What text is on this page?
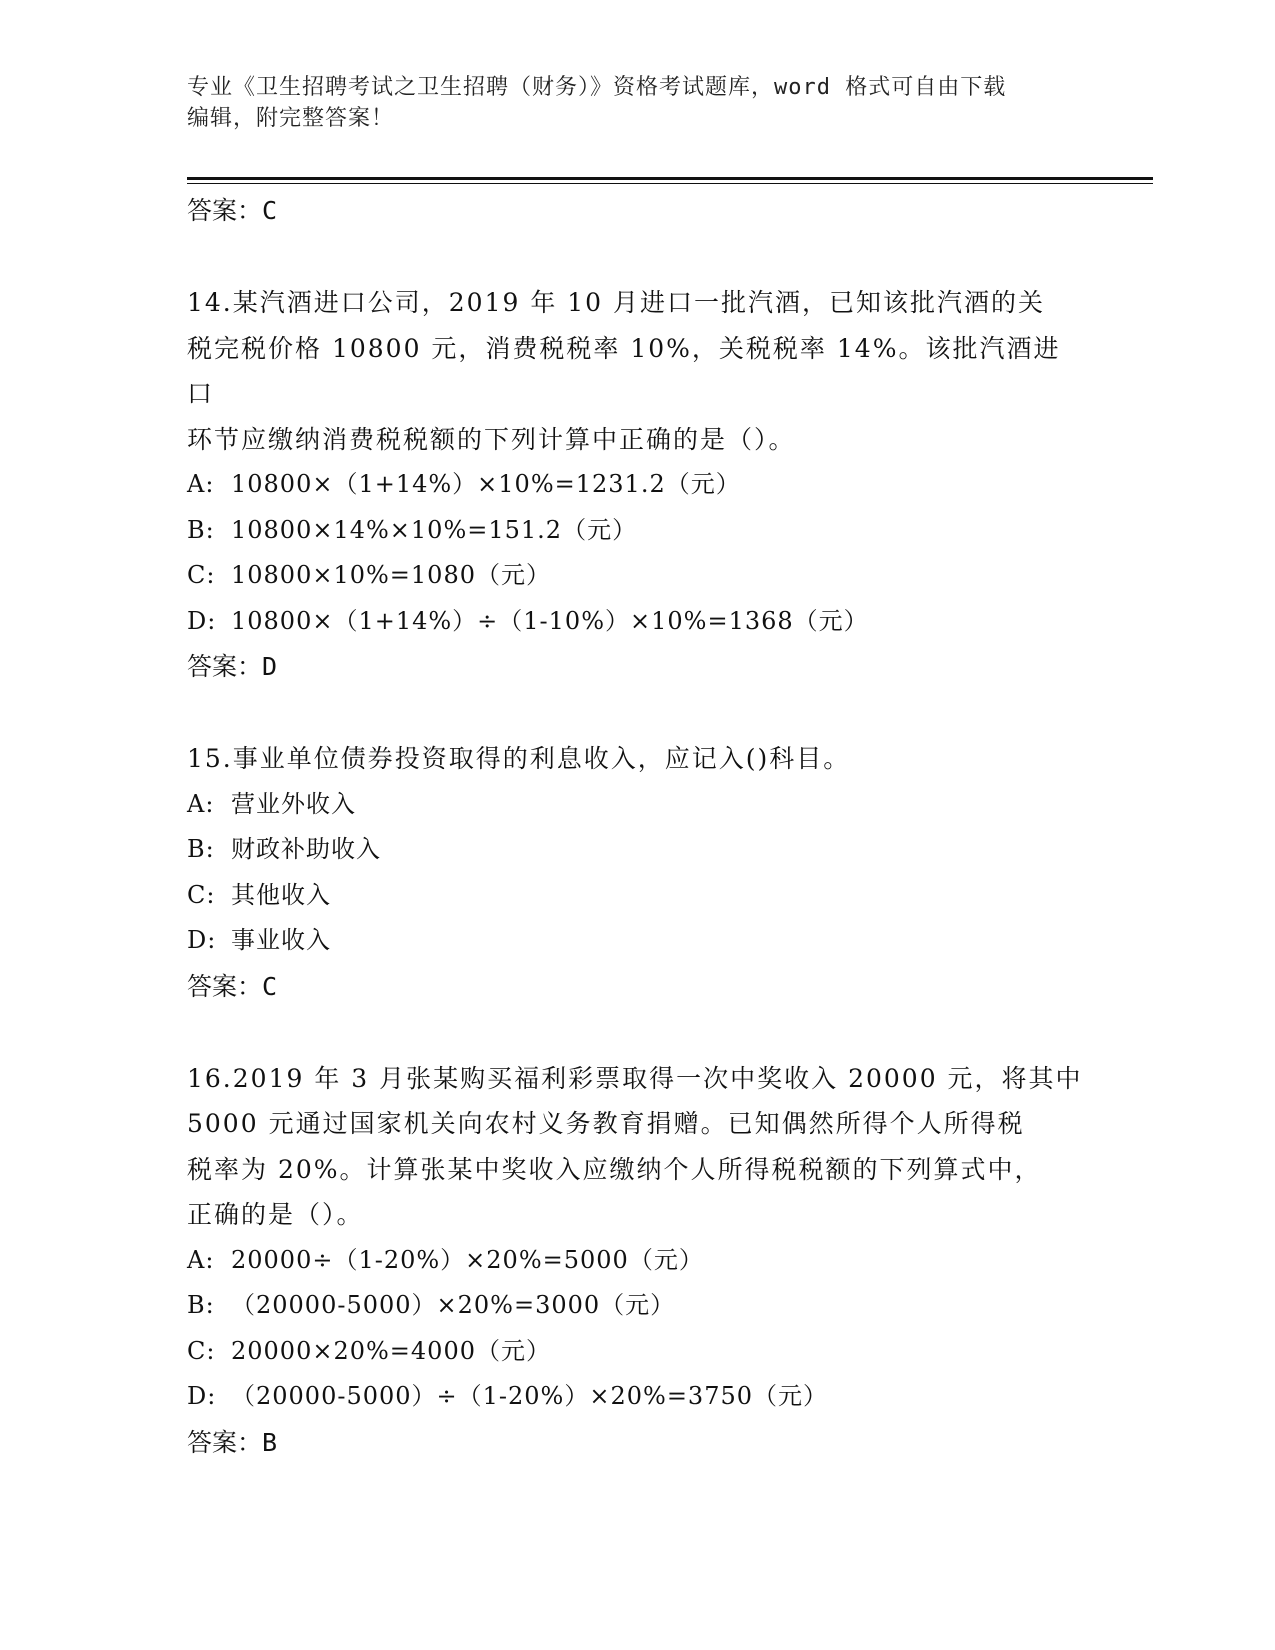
专业《卫生招聘考试之卫生招聘（财务）》资格考试题库，word 格式可自由下载
编辑，附完整答案！
答案：C
14.某汽酒进口公司，2019 年 10 月进口一批汽酒，已知该批汽酒的关
税完税价格 10800 元，消费税税率 10%，关税税率 14%。该批汽酒进口
环节应缴纳消费税税额的下列计算中正确的是（）。
A: 10800×（1+14%）×10%=1231.2（元）
B: 10800×14%×10%=151.2（元）
C: 10800×10%=1080（元）
D: 10800×（1+14%）÷（1-10%）×10%=1368（元）
答案：D
15.事业单位债券投资取得的利息收入，应记入()科目。
A: 营业外收入
B: 财政补助收入
C: 其他收入
D: 事业收入
答案：C
16.2019 年 3 月张某购买福利彩票取得一次中奖收入 20000 元，将其中
5000 元通过国家机关向农村义务教育捐赠。已知偶然所得个人所得税
税率为 20%。计算张某中奖收入应缴纳个人所得税税额的下列算式中，
正确的是（）。
A: 20000÷（1-20%）×20%=5000（元）
B: （20000-5000）×20%=3000（元）
C: 20000×20%=4000（元）
D: （20000-5000）÷（1-20%）×20%=3750（元）
答案：B
